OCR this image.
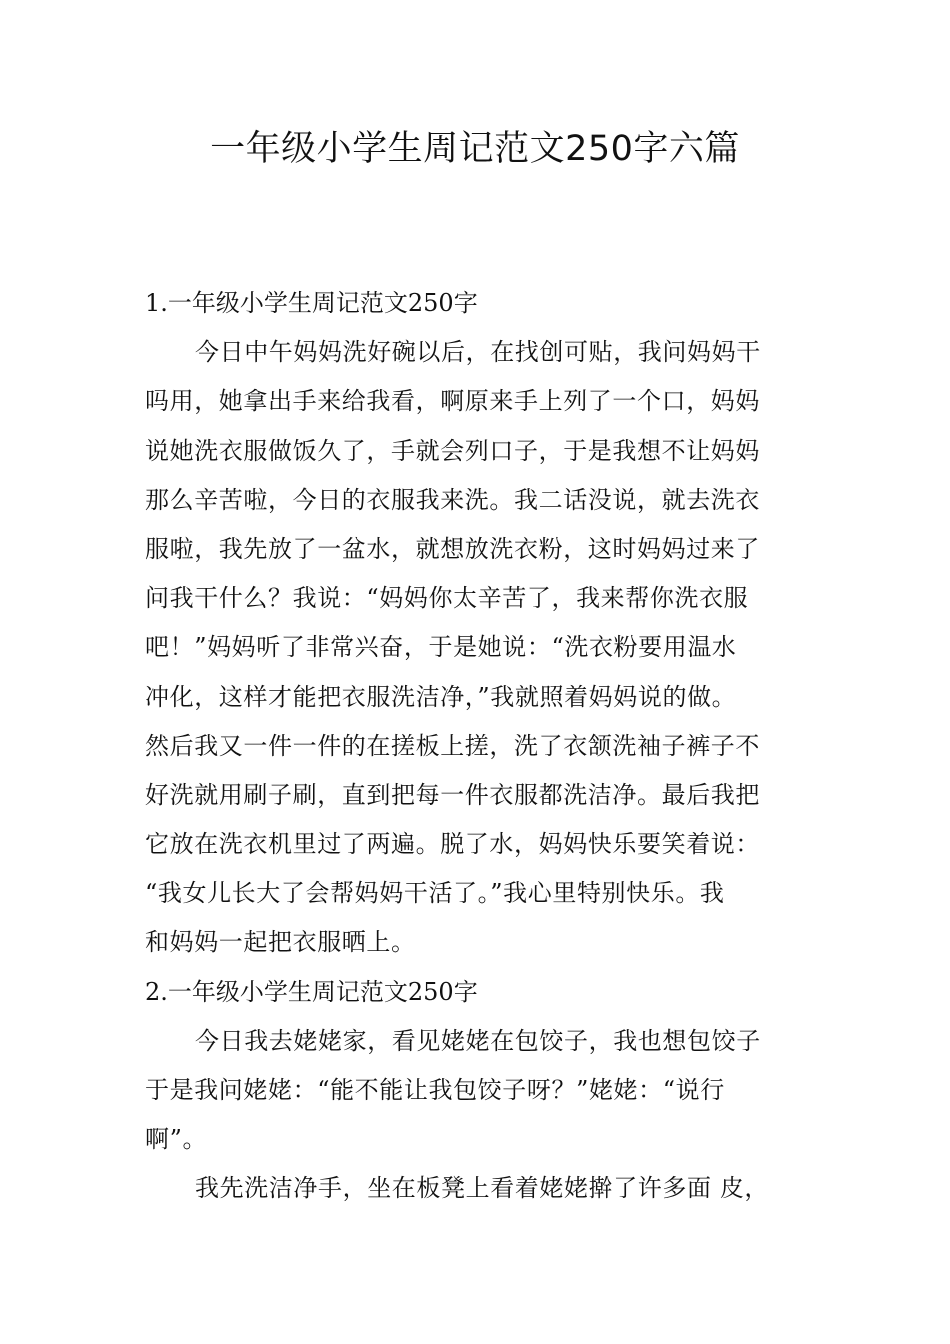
一年级小学生周记范文250字六篇
1.一年级小学生周记范文250字
今日中午妈妈洗好碗以后，在找创可贴，我问妈妈干
吗用，她拿出手来给我看，啊原来手上列了一个口，妈妈
说她洗衣服做饭久了，手就会列口子，于是我想不让妈妈
那么辛苦啦，今日的衣服我来洗。我二话没说，就去洗衣
服啦，我先放了一盆水，就想放洗衣粉，这时妈妈过来了
问我干什么？我说：“妈妈你太辛苦了，我来帮你洗衣服
吧！”妈妈听了非常兴奋，于是她说：“洗衣粉要用温水
冲化，这样才能把衣服洗洁净，”我就照着妈妈说的做。
然后我又一件一件的在搓板上搓，洗了衣颔洗袖子裤子不
好洗就用刷子刷，直到把每一件衣服都洗洁净。最后我把
它放在洗衣机里过了两遍。脱了水，妈妈快乐要笑着说：
“我女儿长大了会帮妈妈干活了。”我心里特别快乐。我
和妈妈一起把衣服晒上。
2.一年级小学生周记范文250字
今日我去姥姥家，看见姥姥在包饺子，我也想包饺子
于是我问姥姥：“能不能让我包饺子呀？”姥姥：“说行
啊”。
我先洗洁净手，坐在板凳上看着姥姥擀了许多面 皮，
